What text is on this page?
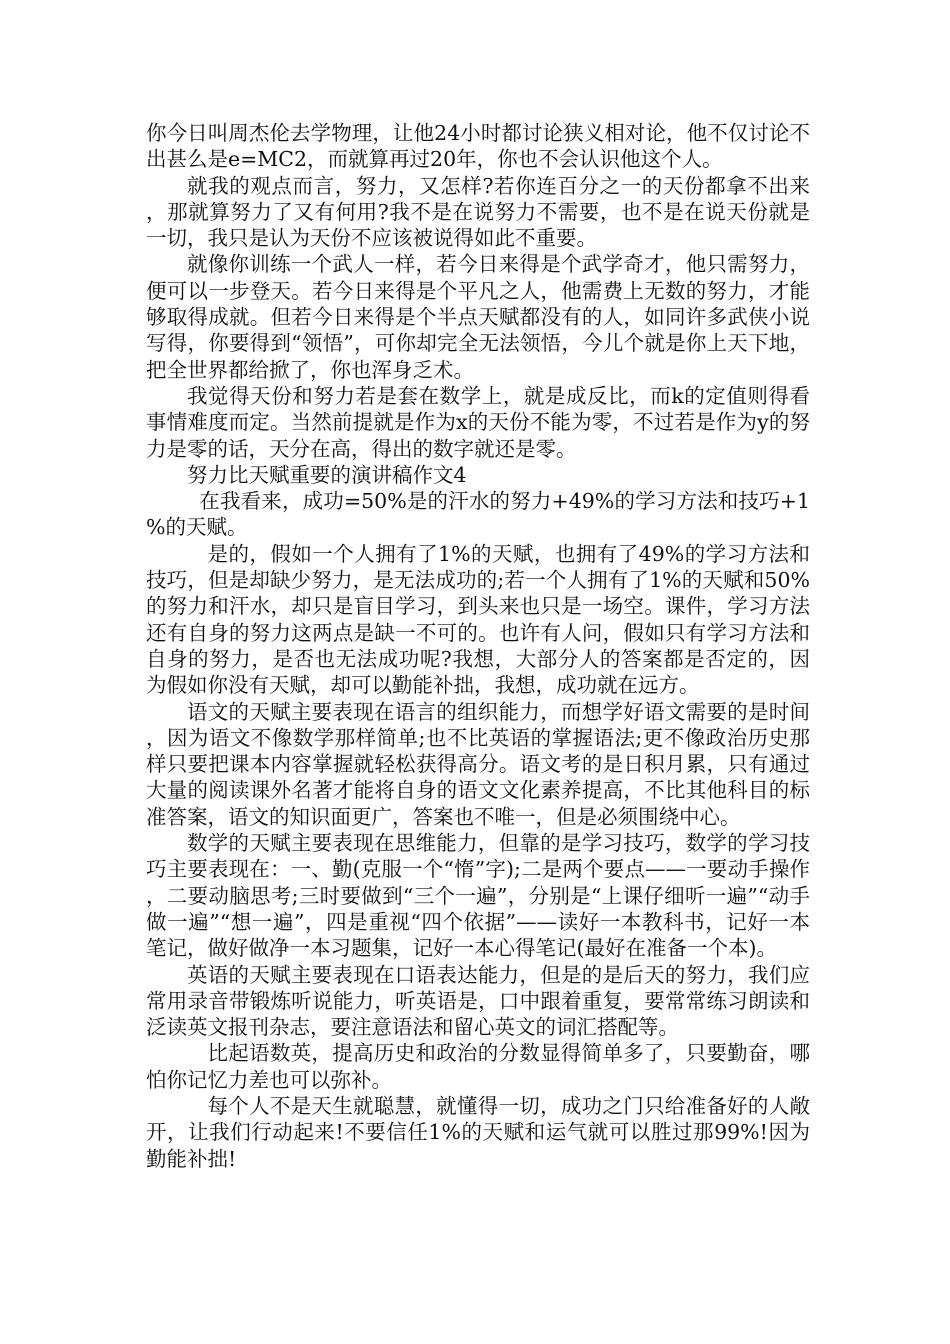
你今日叫周杰伦去学物理，让他24小时都讨论狭义相对论，他不仅讨论不出甚么是e=MC2，而就算再过20年，你也不会认识他这个人。

就我的观点而言，努力，又怎样?若你连百分之一的天份都拿不出来，那就算努力了又有何用?我不是在说努力不需要，也不是在说天份就是一切，我只是认为天份不应该被说得如此不重要。

就像你训练一个武人一样，若今日来得是个武学奇才，他只需努力，便可以一步登天。若今日来得是个平凡之人，他需费上无数的努力，才能够取得成就。但若今日来得是个半点天赋都没有的人，如同许多武侠小说写得，你要得到“领悟”，可你却完全无法领悟，今儿个就是你上天下地，把全世界都给掀了，你也浑身乏术。

我觉得天份和努力若是套在数学上，就是成反比，而k的定值则得看事情难度而定。当然前提就是作为x的天份不能为零，不过若是作为y的努力是零的话，天分在高，得出的数字就还是零。

努力比天赋重要的演讲稿作文4

在我看来，成功=50%是的汗水的努力+49%的学习方法和技巧+1%的天赋。

是的，假如一个人拥有了1%的天赋，也拥有了49%的学习方法和技巧，但是却缺少努力，是无法成功的;若一个人拥有了1%的天赋和50%的努力和汗水，却只是盲目学习，到头来也只是一场空。课件，学习方法还有自身的努力这两点是缺一不可的。也许有人问，假如只有学习方法和自身的努力，是否也无法成功呢?我想，大部分人的答案都是否定的，因为假如你没有天赋，却可以勤能补拙，我想，成功就在远方。

语文的天赋主要表现在语言的组织能力，而想学好语文需要的是时间，因为语文不像数学那样简单;也不比英语的掌握语法;更不像政治历史那样只要把课本内容掌握就轻松获得高分。语文考的是日积月累，只有通过大量的阅读课外名著才能将自身的语文文化素养提高，不比其他科目的标准答案，语文的知识面更广，答案也不唯一，但是必须围绕中心。

数学的天赋主要表现在思维能力，但靠的是学习技巧，数学的学习技巧主要表现在：一、勤(克服一个“惰”字);二是两个要点——一要动手操作，二要动脑思考;三时要做到“三个一遍”，分别是“上课仔细听一遍”“动手做一遍”“想一遍”，四是重视“四个依据”——读好一本教科书，记好一本笔记，做好做净一本习题集，记好一本心得笔记(最好在准备一个本)。

英语的天赋主要表现在口语表达能力，但是的是后天的努力，我们应常用录音带锻炼听说能力，听英语是，口中跟着重复，要常常练习朗读和泛读英文报刊杂志，要注意语法和留心英文的词汇搭配等。

比起语数英，提高历史和政治的分数显得简单多了，只要勤奋，哪怕你记忆力差也可以弥补。

每个人不是天生就聪慧，就懂得一切，成功之门只给准备好的人敞开，让我们行动起来!不要信任1%的天赋和运气就可以胜过那99%!因为勤能补拙!
